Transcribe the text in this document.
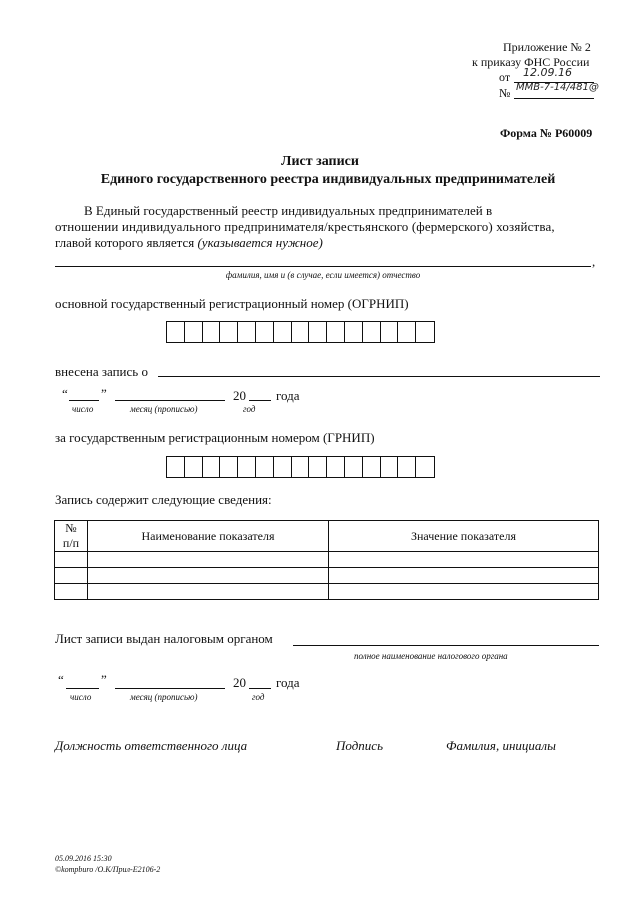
Приложение № 2
к приказу ФНС России
от 12.09.16
№ ММВ-7-14/481@
Форма № Р60009
Лист записи
Единого государственного реестра индивидуальных предпринимателей
В Единый государственный реестр индивидуальных предпринимателей в
отношении индивидуального предпринимателя/крестьянского (фермерского) хозяйства,
главой которого является (указывается нужное)
,
фамилия, имя и (в случае, если имеется) отчество
основной государственный регистрационный номер (ОГРНИП)
внесена запись о
“	”	20 года
число	месяц (прописью)	год
за государственным регистрационным номером (ГРНИП)
Запись содержит следующие сведения:
№
п/п	Наименование показателя	Значение показателя

Лист записи выдан налоговым органом
полное наименование налогового органа
“	”	20 года
число	месяц (прописью)	год
Должность ответственного лица	Подпись	Фамилия, инициалы
05.09.2016 15:30
©kompburo /О.К/Прил-Е2106-2
